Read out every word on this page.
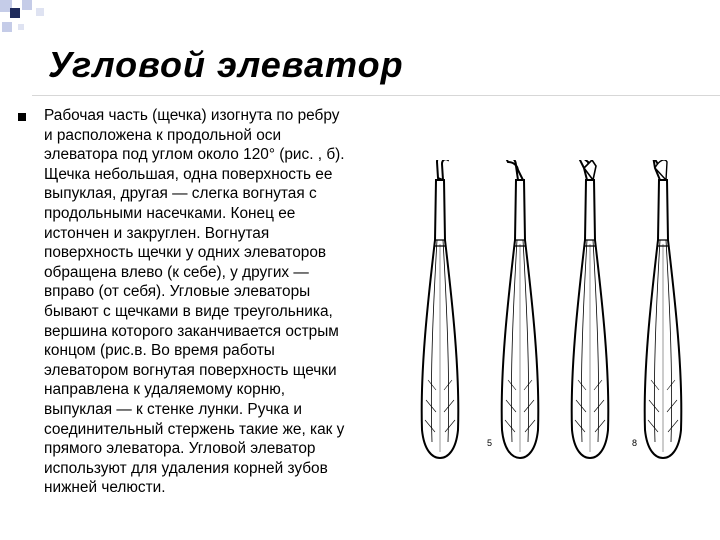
Угловой элеватор

Рабочая часть (щечка) изогнута по ребру
и расположена к продольной оси
элеватора под углом около 120° (рис. , б).
Щечка небольшая, одна поверхность ее
выпуклая, другая — слегка вогнутая с
продольными насечками. Конец ее
истончен и закруглен. Вогнутая
поверхность щечки у одних элеваторов
обращена влево (к себе), у других —
вправо (от себя). Угловые элеваторы
бывают с щечками в виде треугольника,
вершина которого заканчивается острым
концом (рис.в. Во время работы
элеватором вогнутая поверхность щечки
направлена к удаляемому корню,
выпуклая — к стенке лунки. Ручка и
соединительный стержень такие же, как у
прямого элеватора. Угловой элеватор
используют для удаления корней зубов
нижней челюсти.

5	8
